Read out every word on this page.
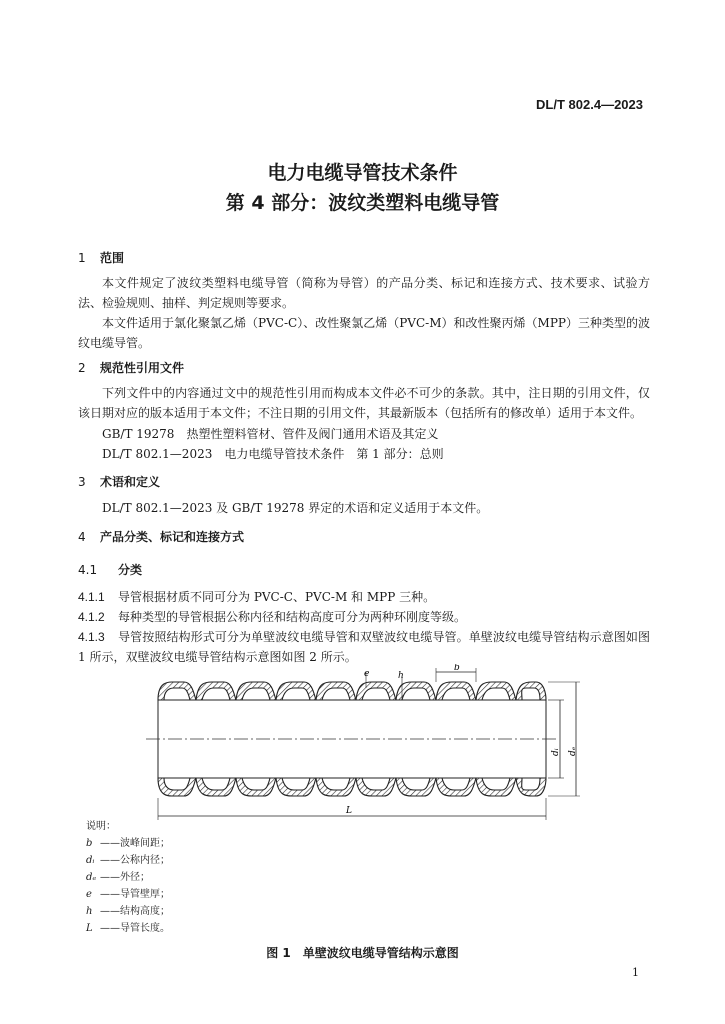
DL/T 802.4—2023
电力电缆导管技术条件
第 4 部分：波纹类塑料电缆导管
1 范围
本文件规定了波纹类塑料电缆导管（简称为导管）的产品分类、标记和连接方式、技术要求、试验方法、检验规则、抽样、判定规则等要求。
本文件适用于氯化聚氯乙烯（PVC-C）、改性聚氯乙烯（PVC-M）和改性聚丙烯（MPP）三种类型的波纹电缆导管。
2 规范性引用文件
下列文件中的内容通过文中的规范性引用而构成本文件必不可少的条款。其中，注日期的引用文件，仅该日期对应的版本适用于本文件；不注日期的引用文件，其最新版本（包括所有的修改单）适用于本文件。
GB/T 19278　热塑性塑料管材、管件及阀门通用术语及其定义
DL/T 802.1—2023　电力电缆导管技术条件　第 1 部分：总则
3 术语和定义
DL/T 802.1—2023 及 GB/T 19278 界定的术语和定义适用于本文件。
4 产品分类、标记和连接方式
4.1 分类
4.1.1 导管根据材质不同可分为 PVC-C、PVC-M 和 MPP 三种。
4.1.2 每种类型的导管根据公称内径和结构高度可分为两种环刚度等级。
4.1.3 导管按照结构形式可分为单壁波纹电缆导管和双壁波纹电缆导管。单壁波纹电缆导管结构示意图如图 1 所示，双壁波纹电缆导管结构示意图如图 2 所示。
b
e	h
dᵢ dₑ
L
说明：
b ——波峰间距；
dᵢ ——公称内径；
dₑ ——外径；
e ——导管壁厚；
h ——结构高度；
L ——导管长度。
图 1　单壁波纹电缆导管结构示意图
1
